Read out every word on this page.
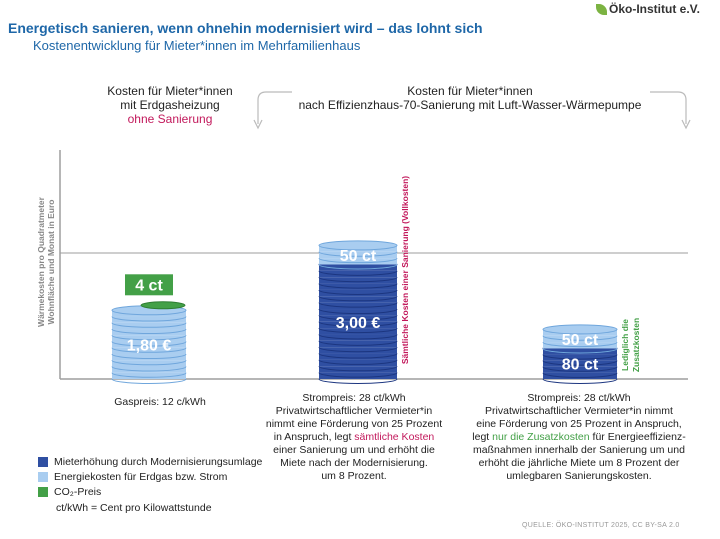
Energetisch sanieren, wenn ohnehin modernisiert wird – das lohnt sich
Kostenentwicklung für Mieter*innen im Mehrfamilienhaus
Öko-Institut e.V.
Kosten für Mieter*innen
mit Erdgasheizung
ohne Sanierung
Kosten für Mieter*innen
nach Effizienzhaus-70-Sanierung mit Luft-Wasser-Wärmepumpe
Wärmekosten pro Quadratmeter Wohnfläche und Monat in Euro
1,80 €
4 ct
3,00 €
50 ct	Sämtliche Kosten einer Sanierung (Vollkosten)
80 ct
50 ct	Lediglich die Zusatzkosten
Gaspreis: 12 c/kWh	Strompreis: 28 ct/kWh
Privatwirtschaftlicher Vermieter*in
nimmt eine Förderung von 25 Prozent
in Anspruch, legt sämtliche Kosten
einer Sanierung um und erhöht die
Miete nach der Modernisierung.
um 8 Prozent.
Strompreis: 28 ct/kWh
Privatwirtschaftlicher Vermieter*in nimmt
eine Förderung von 25 Prozent in Anspruch,
legt nur die Zusatzkosten für Energieeffizienz-
maßnahmen innerhalb der Sanierung um und
erhöht die jährliche Miete um 8 Prozent der
umlegbaren Sanierungskosten.
Mieterhöhung durch Modernisierungsumlage
Energiekosten für Erdgas bzw. Strom
CO₂-Preis
ct/kWh = Cent pro Kilowattstunde
QUELLE: ÖKO-INSTITUT 2025, CC BY-SA 2.0
